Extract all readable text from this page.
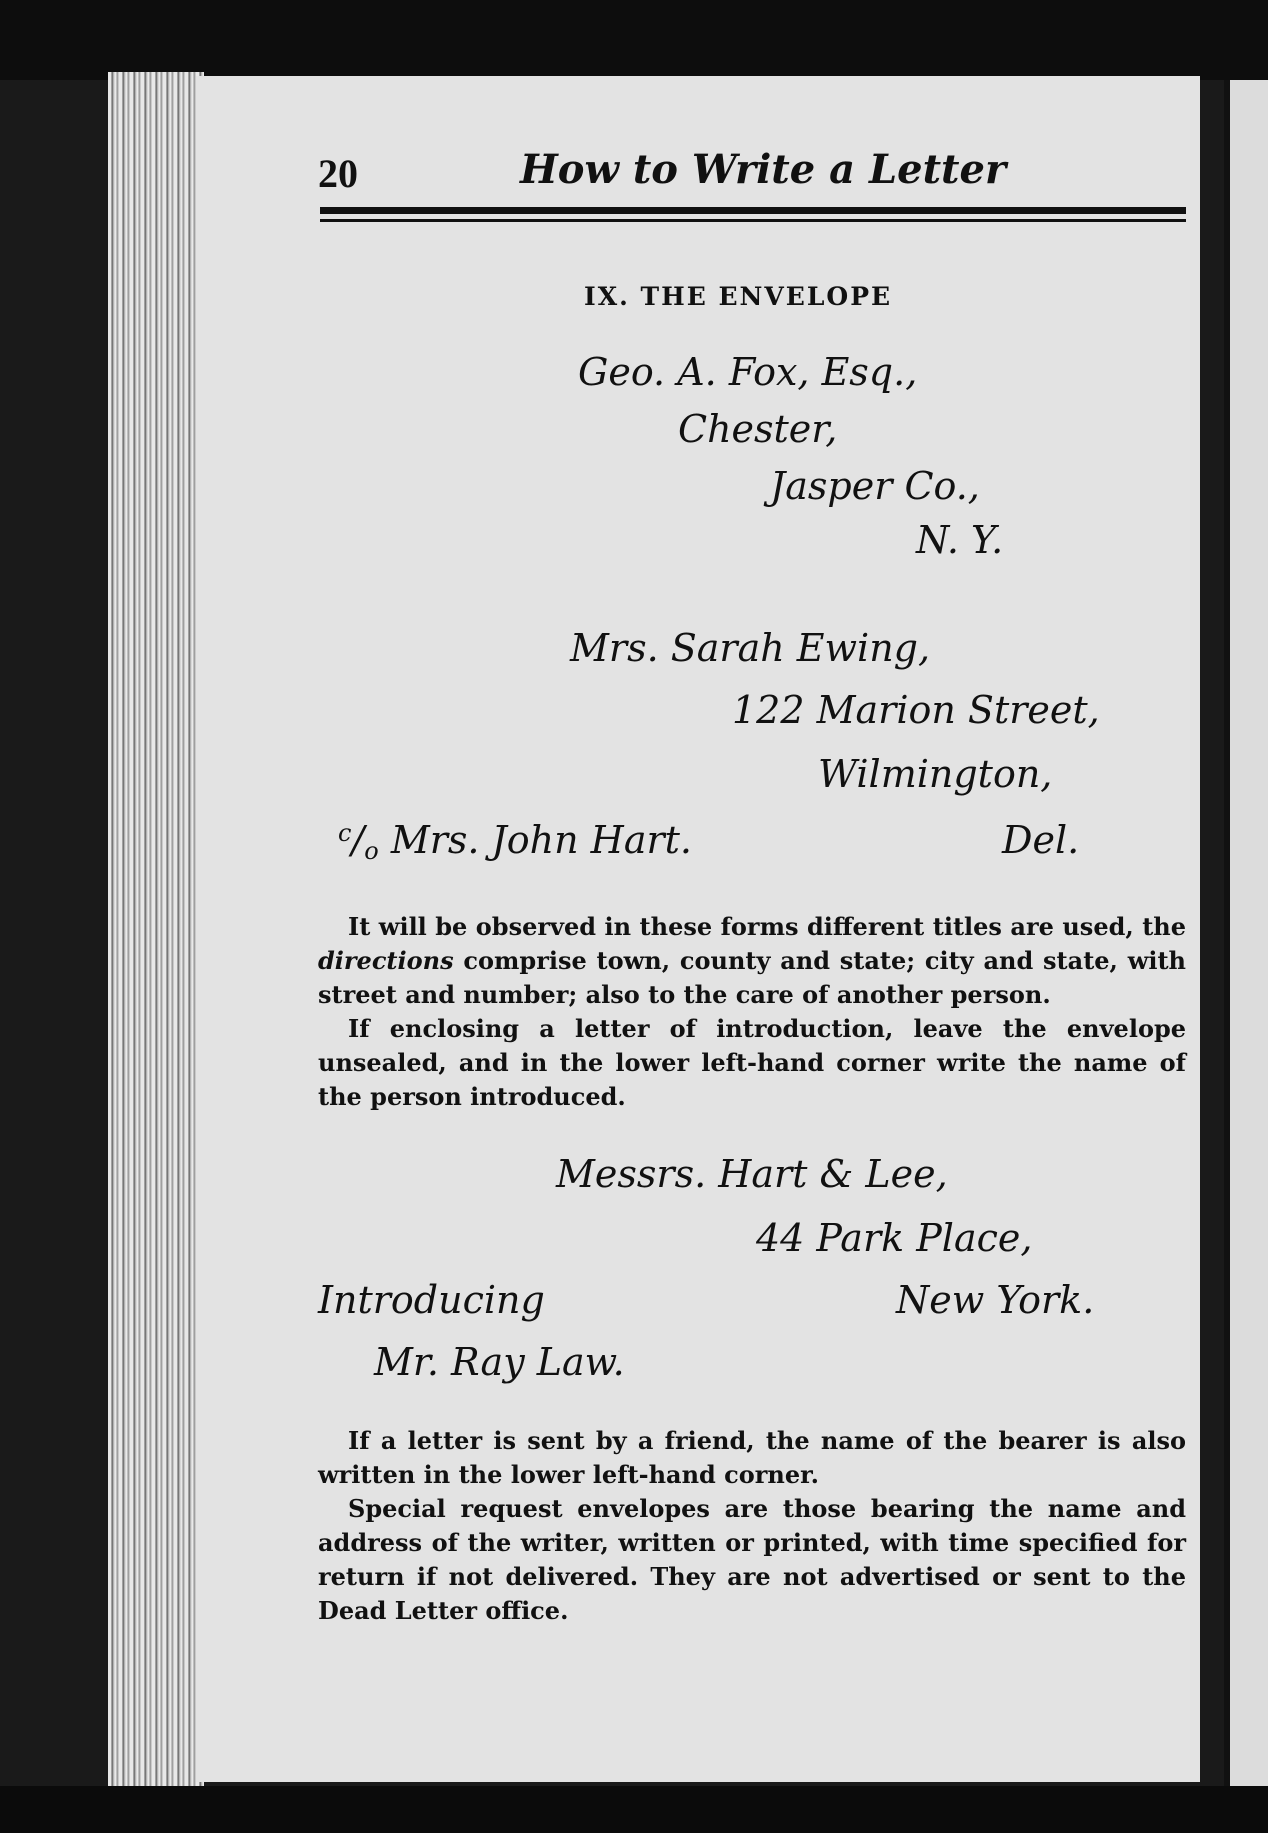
20	How to Write a Letter
IX. THE ENVELOPE
Geo. A. Fox, Esq.,
Chester,
Jasper Co.,
N. Y.
Mrs. Sarah Ewing,
122 Marion Street,
Wilmington,
$^c/_o$ Mrs. John Hart.	Del.

It will be observed in these forms different titles are used, the directions comprise town, county and state; city and state, with street and number; also to the care of another person.

If enclosing a letter of introduction, leave the envelope unsealed, and in the lower left-hand corner write the name of the person introduced.

Messrs. Hart & Lee,
44 Park Place,
Introducing	New York.
Mr. Ray Law.

If a letter is sent by a friend, the name of the bearer is also written in the lower left-hand corner.

Special request envelopes are those bearing the name and address of the writer, written or printed, with time specified for return if not delivered. They are not advertised or sent to the Dead Letter office.
